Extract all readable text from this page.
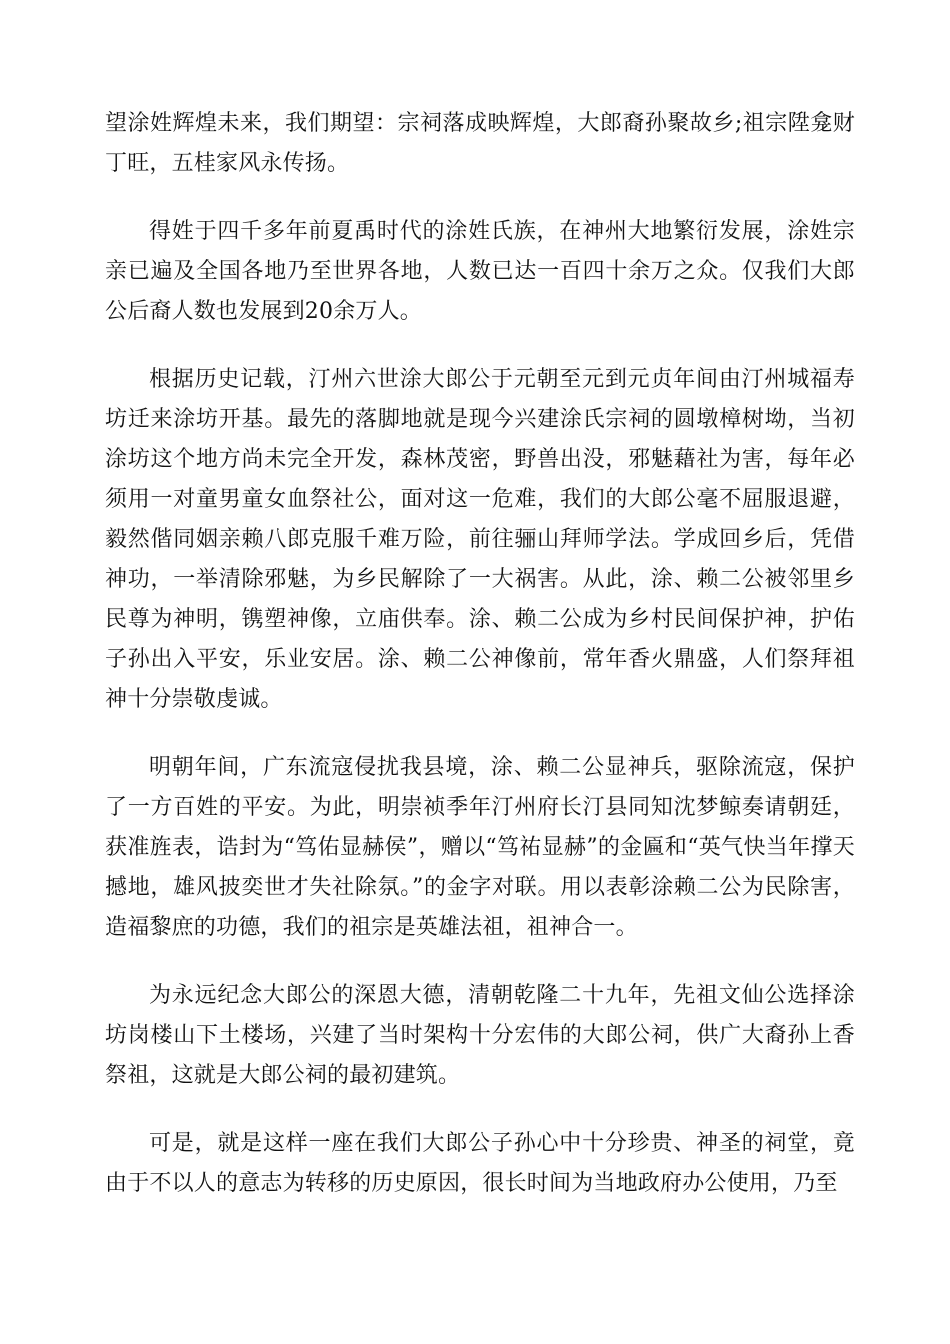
望涂姓辉煌未来，我们期望：宗祠落成映辉煌，大郎裔孙聚故乡;祖宗陞龛财丁旺，五桂家风永传扬。

得姓于四千多年前夏禹时代的涂姓氏族，在神州大地繁衍发展，涂姓宗亲已遍及全国各地乃至世界各地，人数已达一百四十余万之众。仅我们大郎公后裔人数也发展到20余万人。

根据历史记载，汀州六世涂大郎公于元朝至元到元贞年间由汀州城福寿坊迁来涂坊开基。最先的落脚地就是现今兴建涂氏宗祠的圆墩樟树坳，当初涂坊这个地方尚未完全开发，森林茂密，野兽出没，邪魅藉社为害，每年必须用一对童男童女血祭社公，面对这一危难，我们的大郎公毫不屈服退避，毅然偕同姻亲赖八郎克服千难万险，前往骊山拜师学法。学成回乡后，凭借神功，一举清除邪魅，为乡民解除了一大祸害。从此，涂、赖二公被邻里乡民尊为神明，镌塑神像，立庙供奉。涂、赖二公成为乡村民间保护神，护佑子孙出入平安，乐业安居。涂、赖二公神像前，常年香火鼎盛，人们祭拜祖神十分崇敬虔诚。

明朝年间，广东流寇侵扰我县境，涂、赖二公显神兵，驱除流寇，保护了一方百姓的平安。为此，明崇祯季年汀州府长汀县同知沈梦鲸奏请朝廷，获准旌表，诰封为“笃佑显赫侯”，赠以“笃祐显赫”的金匾和“英气快当年撑天撼地，雄风披奕世才失社除氛。”的金字对联。用以表彰涂赖二公为民除害，造福黎庶的功德，我们的祖宗是英雄法祖，祖神合一。

为永远纪念大郎公的深恩大德，清朝乾隆二十九年，先祖文仙公选择涂坊岗楼山下土楼场，兴建了当时架构十分宏伟的大郎公祠，供广大裔孙上香祭祖，这就是大郎公祠的最初建筑。

可是，就是这样一座在我们大郎公子孙心中十分珍贵、神圣的祠堂，竟由于不以人的意志为转移的历史原因，很长时间为当地政府办公使用，乃至
